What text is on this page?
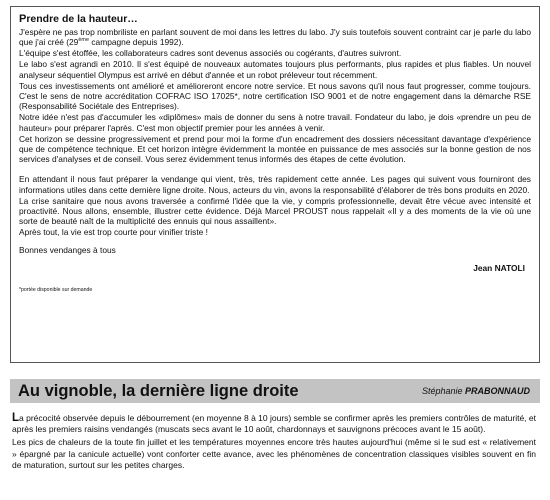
Prendre de la hauteur…

J'espère ne pas trop nombriliste en parlant souvent de moi dans les lettres du labo. J'y suis toutefois souvent contraint car je parle du labo que j'ai créé (29ème campagne depuis 1992).

L'équipe s'est étoffée, les collaborateurs cadres sont devenus associés ou cogérants, d'autres suivront.

Le labo s'est agrandi en 2010. Il s'est équipé de nouveaux automates toujours plus performants, plus rapides et plus fiables. Un nouvel analyseur séquentiel Olympus est arrivé en début d'année et un robot préleveur tout récemment.

Tous ces investissements ont amélioré et amélioreront encore notre service. Et nous savons qu'il nous faut progresser, comme toujours. C'est le sens de notre accréditation COFRAC ISO 17025*, notre certification ISO 9001 et de notre engagement dans la démarche RSE (Responsabilité Sociétale des Entreprises).

Notre idée n'est pas d'accumuler les «diplômes» mais de donner du sens à notre travail. Fondateur du labo, je dois «prendre un peu de hauteur» pour préparer l'après. C'est mon objectif premier pour les années à venir.

Cet horizon se dessine progressivement et prend pour moi la forme d'un encadrement des dossiers nécessitant davantage d'expérience que de compétence technique. Et cet horizon intègre évidemment la montée en puissance de mes associés sur la bonne gestion de nos services d'analyses et de conseil. Vous serez évidemment tenus informés des étapes de cette évolution.

En attendant il nous faut préparer la vendange qui vient, très, très rapidement cette année. Les pages qui suivent vous fourniront des informations utiles dans cette dernière ligne droite. Nous, acteurs du vin, avons la responsabilité d'élaborer de très bons produits en 2020.

La crise sanitaire que nous avons traversée a confirmé l'idée que la vie, y compris professionnelle, devait être vécue avec intensité et proactivité. Nous allons, ensemble, illustrer cette évidence. Déjà Marcel PROUST nous rappelait «Il y a des moments de la vie où une sorte de beauté naît de la multiplicité des ennuis qui nous assaillent».

Après tout, la vie est trop courte pour vinifier triste !

Bonnes vendanges à tous
Jean NATOLI
*portée disponible sur demande
Au vignoble, la dernière ligne droite	Stéphanie PRABONNAUD

La précocité observée depuis le débourrement (en moyenne 8 à 10 jours) semble se confirmer après les premiers contrôles de maturité, et après les premiers raisins vendangés (muscats secs avant le 10 août, chardonnays et sauvignons précoces avant le 15 août).

Les pics de chaleurs de la toute fin juillet et les températures moyennes encore très hautes aujourd'hui (même si le sud est « relativement » épargné par la canicule actuelle) vont conforter cette avance, avec les phénomènes de concentration classiques visibles souvent en fin de maturation, surtout sur les petites charges.
